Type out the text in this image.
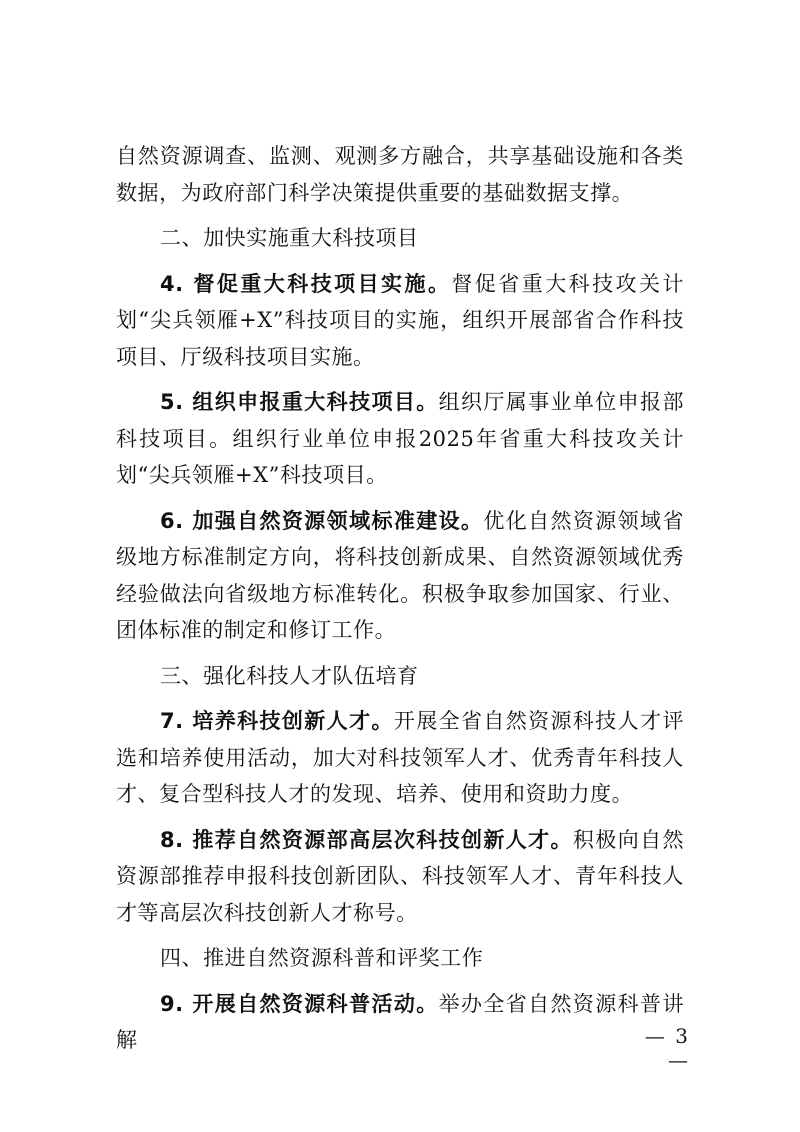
自然资源调查、监测、观测多方融合，共享基础设施和各类数据，为政府部门科学决策提供重要的基础数据支撑。

二、加快实施重大科技项目

4. 督促重大科技项目实施。督促省重大科技攻关计划“尖兵领雁+X”科技项目的实施，组织开展部省合作科技项目、厅级科技项目实施。

5. 组织申报重大科技项目。组织厅属事业单位申报部科技项目。组织行业单位申报2025年省重大科技攻关计划“尖兵领雁+X”科技项目。

6. 加强自然资源领域标准建设。优化自然资源领域省级地方标准制定方向，将科技创新成果、自然资源领域优秀经验做法向省级地方标准转化。积极争取参加国家、行业、团体标准的制定和修订工作。

三、强化科技人才队伍培育

7. 培养科技创新人才。开展全省自然资源科技人才评选和培养使用活动，加大对科技领军人才、优秀青年科技人才、复合型科技人才的发现、培养、使用和资助力度。

8. 推荐自然资源部高层次科技创新人才。积极向自然资源部推荐申报科技创新团队、科技领军人才、青年科技人才等高层次科技创新人才称号。

四、推进自然资源科普和评奖工作

9. 开展自然资源科普活动。举办全省自然资源科普讲解	— 3 —
